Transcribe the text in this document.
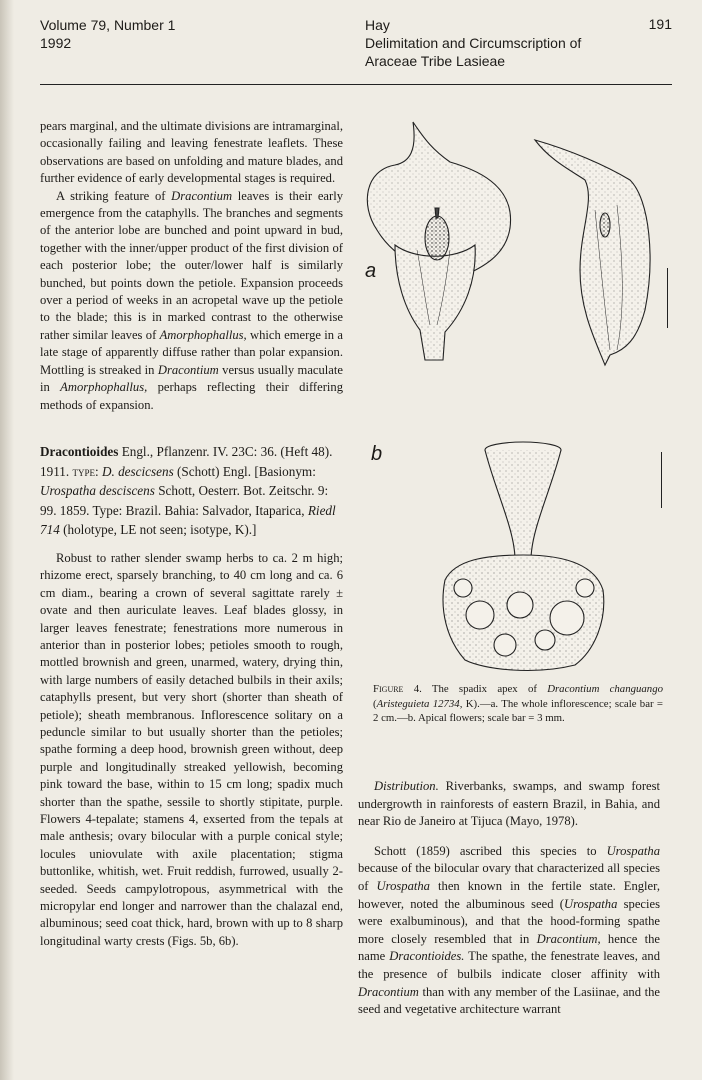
Volume 79, Number 1
1992
Hay
Delimitation and Circumscription of
Araceae Tribe Lasieae
191

pears marginal, and the ultimate divisions are intramarginal, occasionally failing and leaving fenestrate leaflets. These observations are based on unfolding and mature blades, and further evidence of early developmental stages is required.

A striking feature of Dracontium leaves is their early emergence from the cataphylls. The branches and segments of the anterior lobe are bunched and point upward in bud, together with the inner/upper product of the first division of each posterior lobe; the outer/lower half is similarly bunched, but points down the petiole. Expansion proceeds over a period of weeks in an acropetal wave up the petiole to the blade; this is in marked contrast to the otherwise rather similar leaves of Amorphophallus, which emerge in a late stage of apparently diffuse rather than polar expansion. Mottling is streaked in Dracontium versus usually maculate in Amorphophallus, perhaps reflecting their differing methods of expansion.

Dracontioides Engl., Pflanzenr. IV. 23C: 36. (Heft 48). 1911. type: D. descicsens (Schott) Engl. [Basionym: Urospatha desciscens Schott, Oesterr. Bot. Zeitschr. 9: 99. 1859. Type: Brazil. Bahia: Salvador, Itaparica, Riedl 714 (holotype, LE not seen; isotype, K).]

Robust to rather slender swamp herbs to ca. 2 m high; rhizome erect, sparsely branching, to 40 cm long and ca. 6 cm diam., bearing a crown of several sagittate rarely ± ovate and then auriculate leaves. Leaf blades glossy, in larger leaves fenestrate; fenestrations more numerous in anterior than in posterior lobes; petioles smooth to rough, mottled brownish and green, unarmed, watery, drying thin, with large numbers of easily detached bulbils in their axils; cataphylls present, but very short (shorter than sheath of petiole); sheath membranous. Inflorescence solitary on a peduncle similar to but usually shorter than the petioles; spathe forming a deep hood, brownish green without, deep purple and longitudinally streaked yellowish, becoming pink toward the base, within to 15 cm long; spadix much shorter than the spathe, sessile to shortly stipitate, purple. Flowers 4-tepalate; stamens 4, exserted from the tepals at male anthesis; ovary bilocular with a purple conical style; locules uniovulate with axile placentation; stigma buttonlike, whitish, wet. Fruit reddish, furrowed, usually 2-seeded. Seeds campylotropous, asymmetrical with the micropylar end longer and narrower than the chalazal end, albuminous; seed coat thick, hard, brown with up to 8 sharp longitudinal warty crests (Figs. 5b, 6b).

a
b
Figure 4. The spadix apex of Dracontium changuango (Aristeguieta 12734, K).—a. The whole inflorescence; scale bar = 2 cm.—b. Apical flowers; scale bar = 3 mm.

Distribution. Riverbanks, swamps, and swamp forest undergrowth in rainforests of eastern Brazil, in Bahia, and near Rio de Janeiro at Tijuca (Mayo, 1978).

Schott (1859) ascribed this species to Urospatha because of the bilocular ovary that characterized all species of Urospatha then known in the fertile state. Engler, however, noted the albuminous seed (Urospatha species were exalbuminous), and that the hood-forming spathe more closely resembled that in Dracontium, hence the name Dracontioides. The spathe, the fenestrate leaves, and the presence of bulbils indicate closer affinity with Dracontium than with any member of the Lasiinae, and the seed and vegetative architecture warrant
